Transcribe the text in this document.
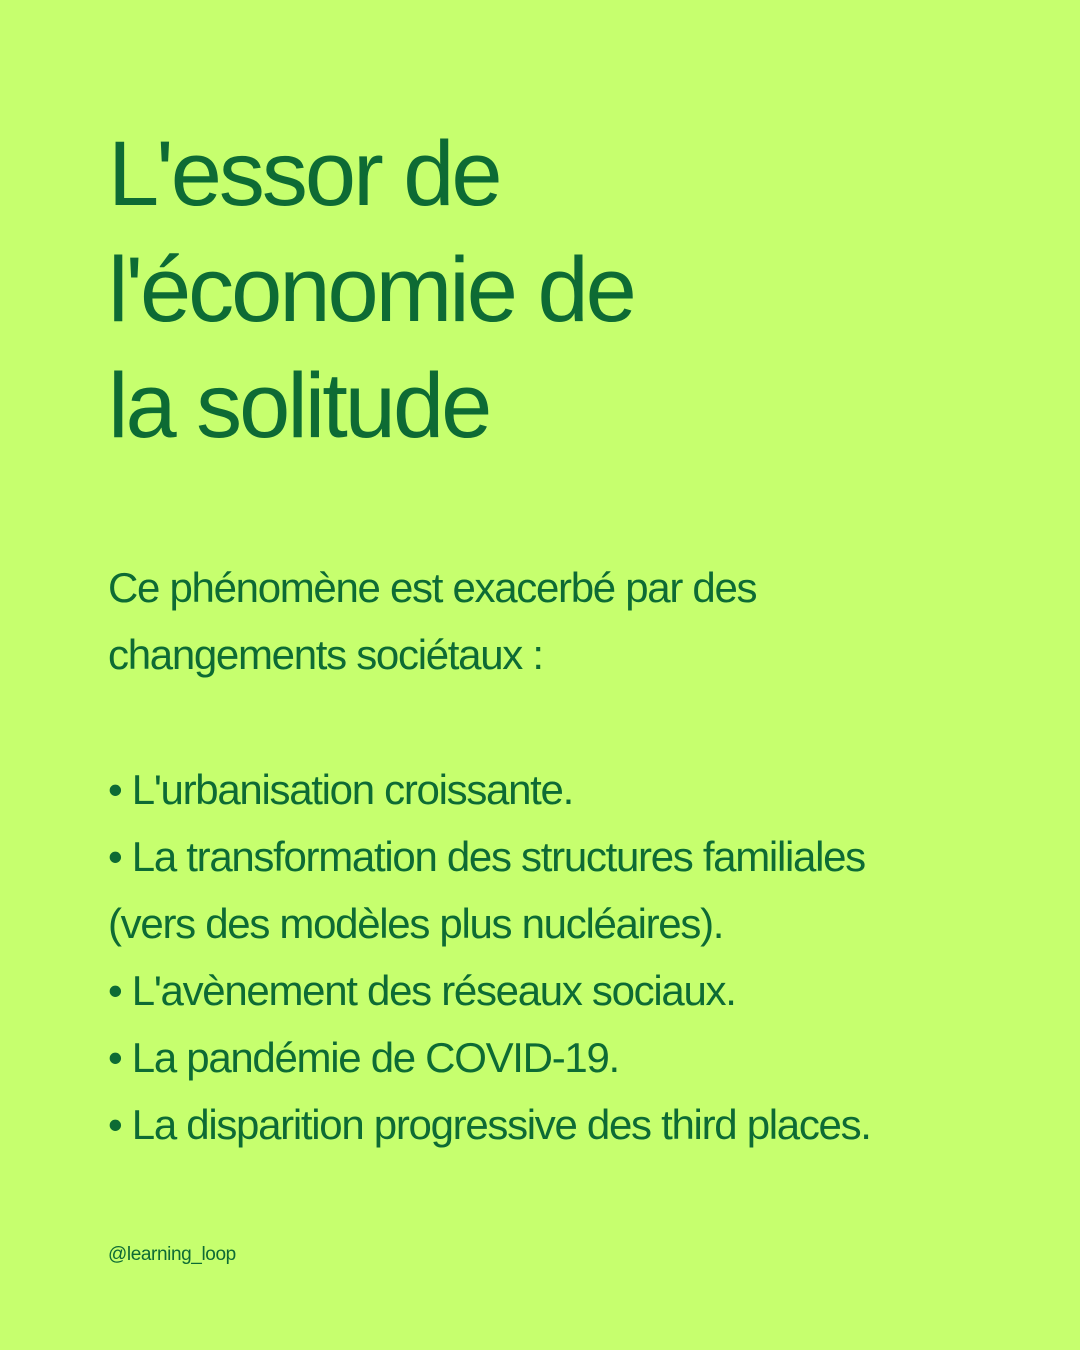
L'essor de
l'économie de
la solitude

Ce phénomène est exacerbé par des
changements sociétaux :

• L'urbanisation croissante.
• La transformation des structures familiales
(vers des modèles plus nucléaires).
• L'avènement des réseaux sociaux.
• La pandémie de COVID-19.
• La disparition progressive des third places.
@learning_loop
